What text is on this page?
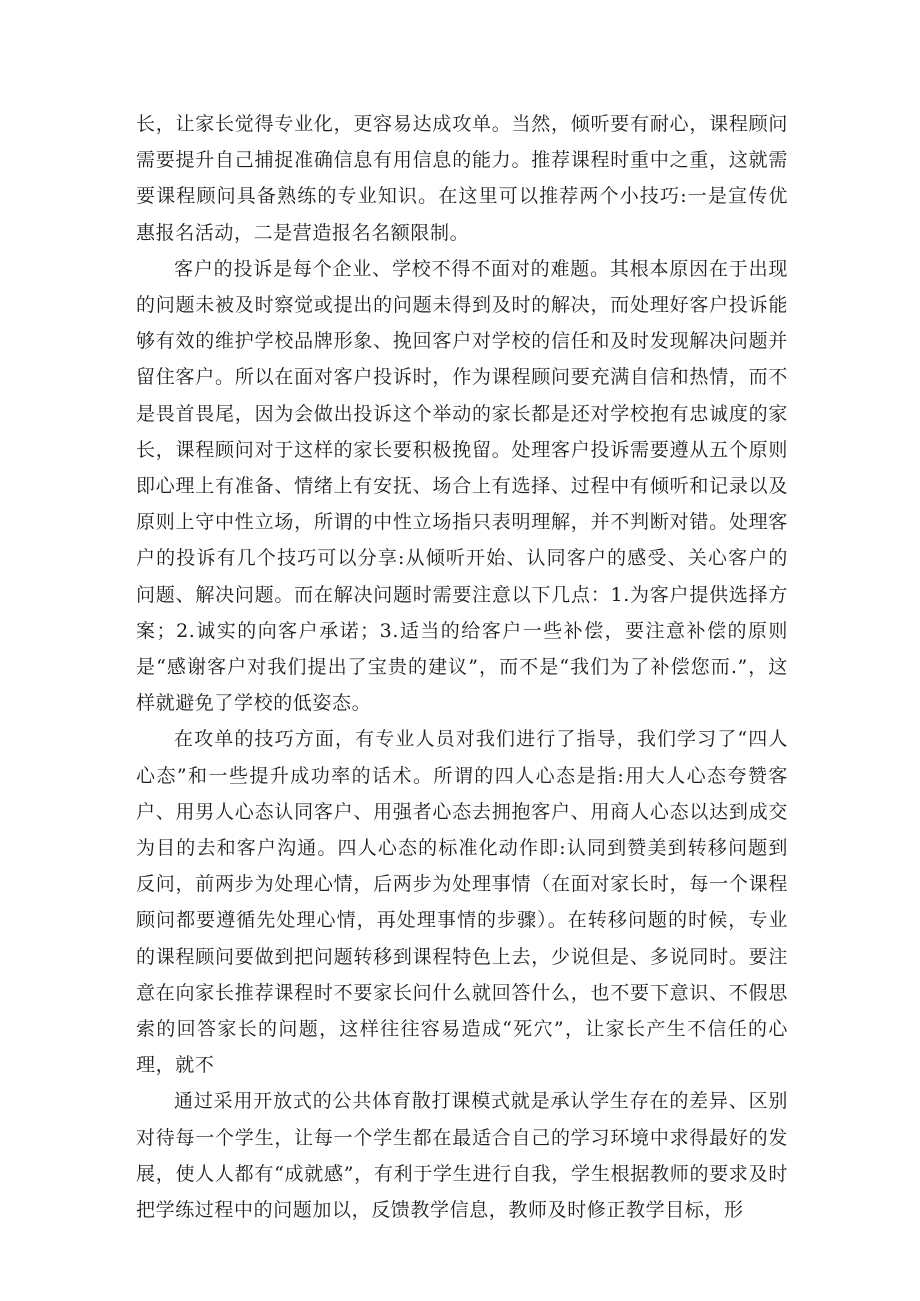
长，让家长觉得专业化，更容易达成攻单。当然，倾听要有耐心，课程顾问需要提升自己捕捉准确信息有用信息的能力。推荐课程时重中之重，这就需要课程顾问具备熟练的专业知识。在这里可以推荐两个小技巧:一是宣传优惠报名活动，二是营造报名名额限制。

客户的投诉是每个企业、学校不得不面对的难题。其根本原因在于出现的问题未被及时察觉或提出的问题未得到及时的解决，而处理好客户投诉能够有效的维护学校品牌形象、挽回客户对学校的信任和及时发现解决问题并留住客户。所以在面对客户投诉时，作为课程顾问要充满自信和热情，而不是畏首畏尾，因为会做出投诉这个举动的家长都是还对学校抱有忠诚度的家长，课程顾问对于这样的家长要积极挽留。处理客户投诉需要遵从五个原则即心理上有准备、情绪上有安抚、场合上有选择、过程中有倾听和记录以及原则上守中性立场，所谓的中性立场指只表明理解，并不判断对错。处理客户的投诉有几个技巧可以分享:从倾听开始、认同客户的感受、关心客户的问题、解决问题。而在解决问题时需要注意以下几点：1.为客户提供选择方案；2.诚实的向客户承诺；3.适当的给客户一些补偿，要注意补偿的原则是“感谢客户对我们提出了宝贵的建议”，而不是“我们为了补偿您而.”，这样就避免了学校的低姿态。

在攻单的技巧方面，有专业人员对我们进行了指导，我们学习了“四人心态”和一些提升成功率的话术。所谓的四人心态是指:用大人心态夸赞客户、用男人心态认同客户、用强者心态去拥抱客户、用商人心态以达到成交为目的去和客户沟通。四人心态的标准化动作即:认同到赞美到转移问题到反问，前两步为处理心情，后两步为处理事情（在面对家长时，每一个课程顾问都要遵循先处理心情，再处理事情的步骤）。在转移问题的时候，专业的课程顾问要做到把问题转移到课程特色上去，少说但是、多说同时。要注意在向家长推荐课程时不要家长问什么就回答什么，也不要下意识、不假思索的回答家长的问题，这样往往容易造成“死穴”，让家长产生不信任的心理，就不

通过采用开放式的公共体育散打课模式就是承认学生存在的差异、区别对待每一个学生，让每一个学生都在最适合自己的学习环境中求得最好的发展，使人人都有“成就感”，有利于学生进行自我，学生根据教师的要求及时把学练过程中的问题加以，反馈教学信息，教师及时修正教学目标，形
